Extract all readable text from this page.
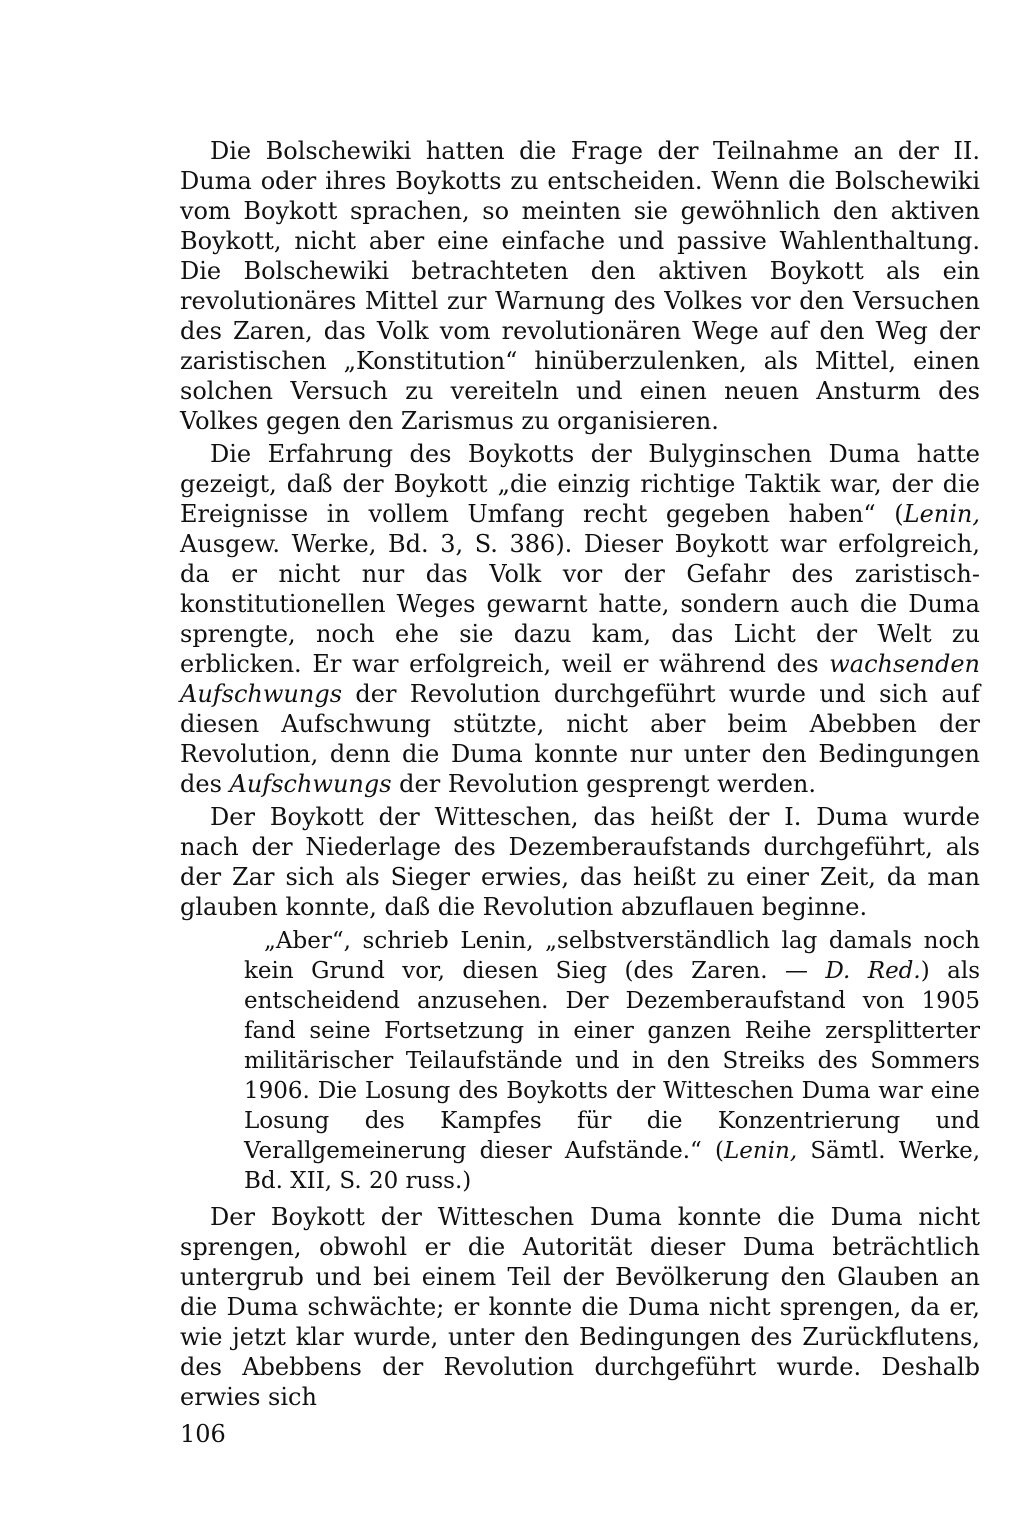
Die Bolschewiki hatten die Frage der Teilnahme an der II. Duma oder ihres Boykotts zu entscheiden. Wenn die Bolschewiki vom Boykott sprachen, so meinten sie gewöhnlich den aktiven Boykott, nicht aber eine einfache und passive Wahlenthaltung. Die Bolschewiki betrachteten den aktiven Boykott als ein revolutionäres Mittel zur Warnung des Volkes vor den Versuchen des Zaren, das Volk vom revolutionären Wege auf den Weg der zaristischen „Konstitution“ hinüberzulenken, als Mittel, einen solchen Versuch zu vereiteln und einen neuen Ansturm des Volkes gegen den Zarismus zu organisieren.

Die Erfahrung des Boykotts der Bulyginschen Duma hatte gezeigt, daß der Boykott „die einzig richtige Taktik war, der die Ereignisse in vollem Umfang recht gegeben haben“ (Lenin, Ausgew. Werke, Bd. 3, S. 386). Dieser Boykott war erfolgreich, da er nicht nur das Volk vor der Gefahr des zaristisch-konstitutionellen Weges gewarnt hatte, sondern auch die Duma sprengte, noch ehe sie dazu kam, das Licht der Welt zu erblicken. Er war erfolgreich, weil er während des wachsenden Aufschwungs der Revolution durchgeführt wurde und sich auf diesen Aufschwung stützte, nicht aber beim Abebben der Revolution, denn die Duma konnte nur unter den Bedingungen des Aufschwungs der Revolution gesprengt werden.

Der Boykott der Witteschen, das heißt der I. Duma wurde nach der Niederlage des Dezemberaufstands durchgeführt, als der Zar sich als Sieger erwies, das heißt zu einer Zeit, da man glauben konnte, daß die Revolution abzuflauen beginne.

„Aber“, schrieb Lenin, „selbstverständlich lag damals noch kein Grund vor, diesen Sieg (des Zaren. — D. Red.) als entscheidend anzusehen. Der Dezemberaufstand von 1905 fand seine Fortsetzung in einer ganzen Reihe zersplitterter militärischer Teilaufstände und in den Streiks des Sommers 1906. Die Losung des Boykotts der Witteschen Duma war eine Losung des Kampfes für die Konzentrierung und Verallgemeinerung dieser Aufstände.“ (Lenin, Sämtl. Werke, Bd. XII, S. 20 russ.)

Der Boykott der Witteschen Duma konnte die Duma nicht sprengen, obwohl er die Autorität dieser Duma beträchtlich untergrub und bei einem Teil der Bevölkerung den Glauben an die Duma schwächte; er konnte die Duma nicht sprengen, da er, wie jetzt klar wurde, unter den Bedingungen des Zurückflutens, des Abebbens der Revolution durchgeführt wurde. Deshalb erwies sich

106
